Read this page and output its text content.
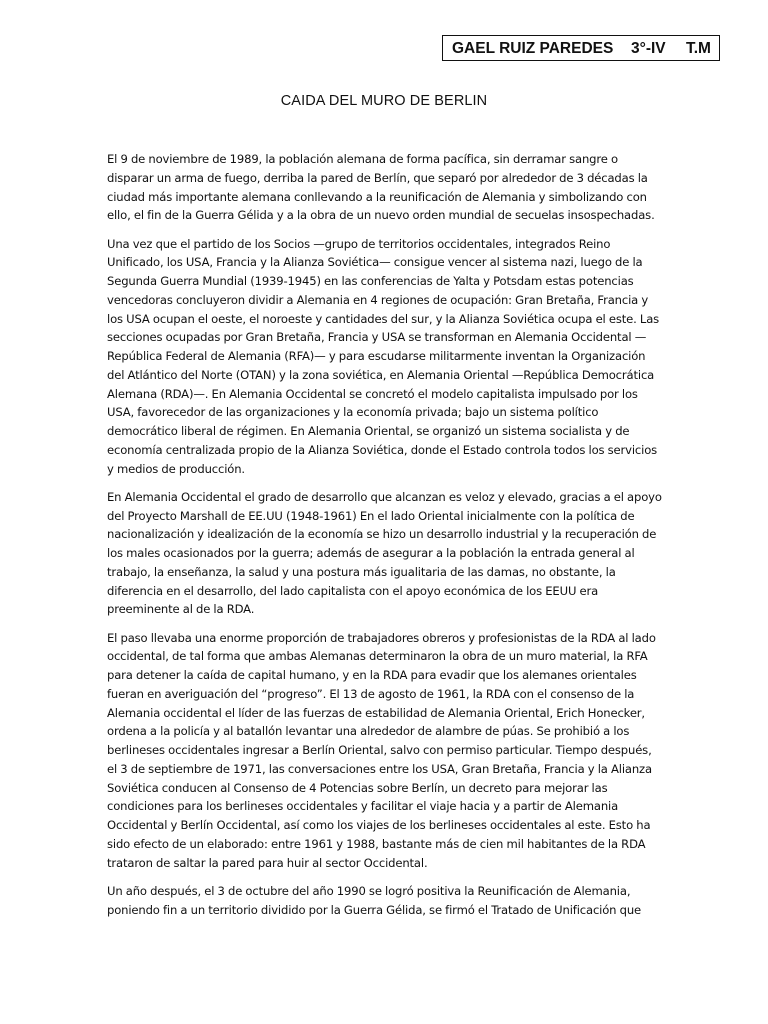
GAEL RUIZ PAREDES 3°-IV T.M
CAIDA DEL MURO DE BERLIN

El 9 de noviembre de 1989, la población alemana de forma pacífica, sin derramar sangre o disparar un arma de fuego, derriba la pared de Berlín, que separó por alrededor de 3 décadas la ciudad más importante alemana conllevando a la reunificación de Alemania y simbolizando con ello, el fin de la Guerra Gélida y a la obra de un nuevo orden mundial de secuelas insospechadas.

Una vez que el partido de los Socios —grupo de territorios occidentales, integrados Reino Unificado, los USA, Francia y la Alianza Soviética— consigue vencer al sistema nazi, luego de la Segunda Guerra Mundial (1939-1945) en las conferencias de Yalta y Potsdam estas potencias vencedoras concluyeron dividir a Alemania en 4 regiones de ocupación: Gran Bretaña, Francia y los USA ocupan el oeste, el noroeste y cantidades del sur, y la Alianza Soviética ocupa el este. Las secciones ocupadas por Gran Bretaña, Francia y USA se transforman en Alemania Occidental —República Federal de Alemania (RFA)— y para escudarse militarmente inventan la Organización del Atlántico del Norte (OTAN) y la zona soviética, en Alemania Oriental —República Democrática Alemana (RDA)—. En Alemania Occidental se concretó el modelo capitalista impulsado por los USA, favorecedor de las organizaciones y la economía privada; bajo un sistema político democrático liberal de régimen. En Alemania Oriental, se organizó un sistema socialista y de economía centralizada propio de la Alianza Soviética, donde el Estado controla todos los servicios y medios de producción.

En Alemania Occidental el grado de desarrollo que alcanzan es veloz y elevado, gracias a el apoyo del Proyecto Marshall de EE.UU (1948-1961) En el lado Oriental inicialmente con la política de nacionalización y idealización de la economía se hizo un desarrollo industrial y la recuperación de los males ocasionados por la guerra; además de asegurar a la población la entrada general al trabajo, la enseñanza, la salud y una postura más igualitaria de las damas, no obstante, la diferencia en el desarrollo, del lado capitalista con el apoyo económica de los EEUU era preeminente al de la RDA.

El paso llevaba una enorme proporción de trabajadores obreros y profesionistas de la RDA al lado occidental, de tal forma que ambas Alemanas determinaron la obra de un muro material, la RFA para detener la caída de capital humano, y en la RDA para evadir que los alemanes orientales fueran en averiguación del “progreso”. El 13 de agosto de 1961, la RDA con el consenso de la Alemania occidental el líder de las fuerzas de estabilidad de Alemania Oriental, Erich Honecker, ordena a la policía y al batallón levantar una alrededor de alambre de púas. Se prohibió a los berlineses occidentales ingresar a Berlín Oriental, salvo con permiso particular. Tiempo después, el 3 de septiembre de 1971, las conversaciones entre los USA, Gran Bretaña, Francia y la Alianza Soviética conducen al Consenso de 4 Potencias sobre Berlín, un decreto para mejorar las condiciones para los berlineses occidentales y facilitar el viaje hacia y a partir de Alemania Occidental y Berlín Occidental, así como los viajes de los berlineses occidentales al este. Esto ha sido efecto de un elaborado: entre 1961 y 1988, bastante más de cien mil habitantes de la RDA trataron de saltar la pared para huir al sector Occidental.

Un año después, el 3 de octubre del año 1990 se logró positiva la Reunificación de Alemania, poniendo fin a un territorio dividido por la Guerra Gélida, se firmó el Tratado de Unificación que
